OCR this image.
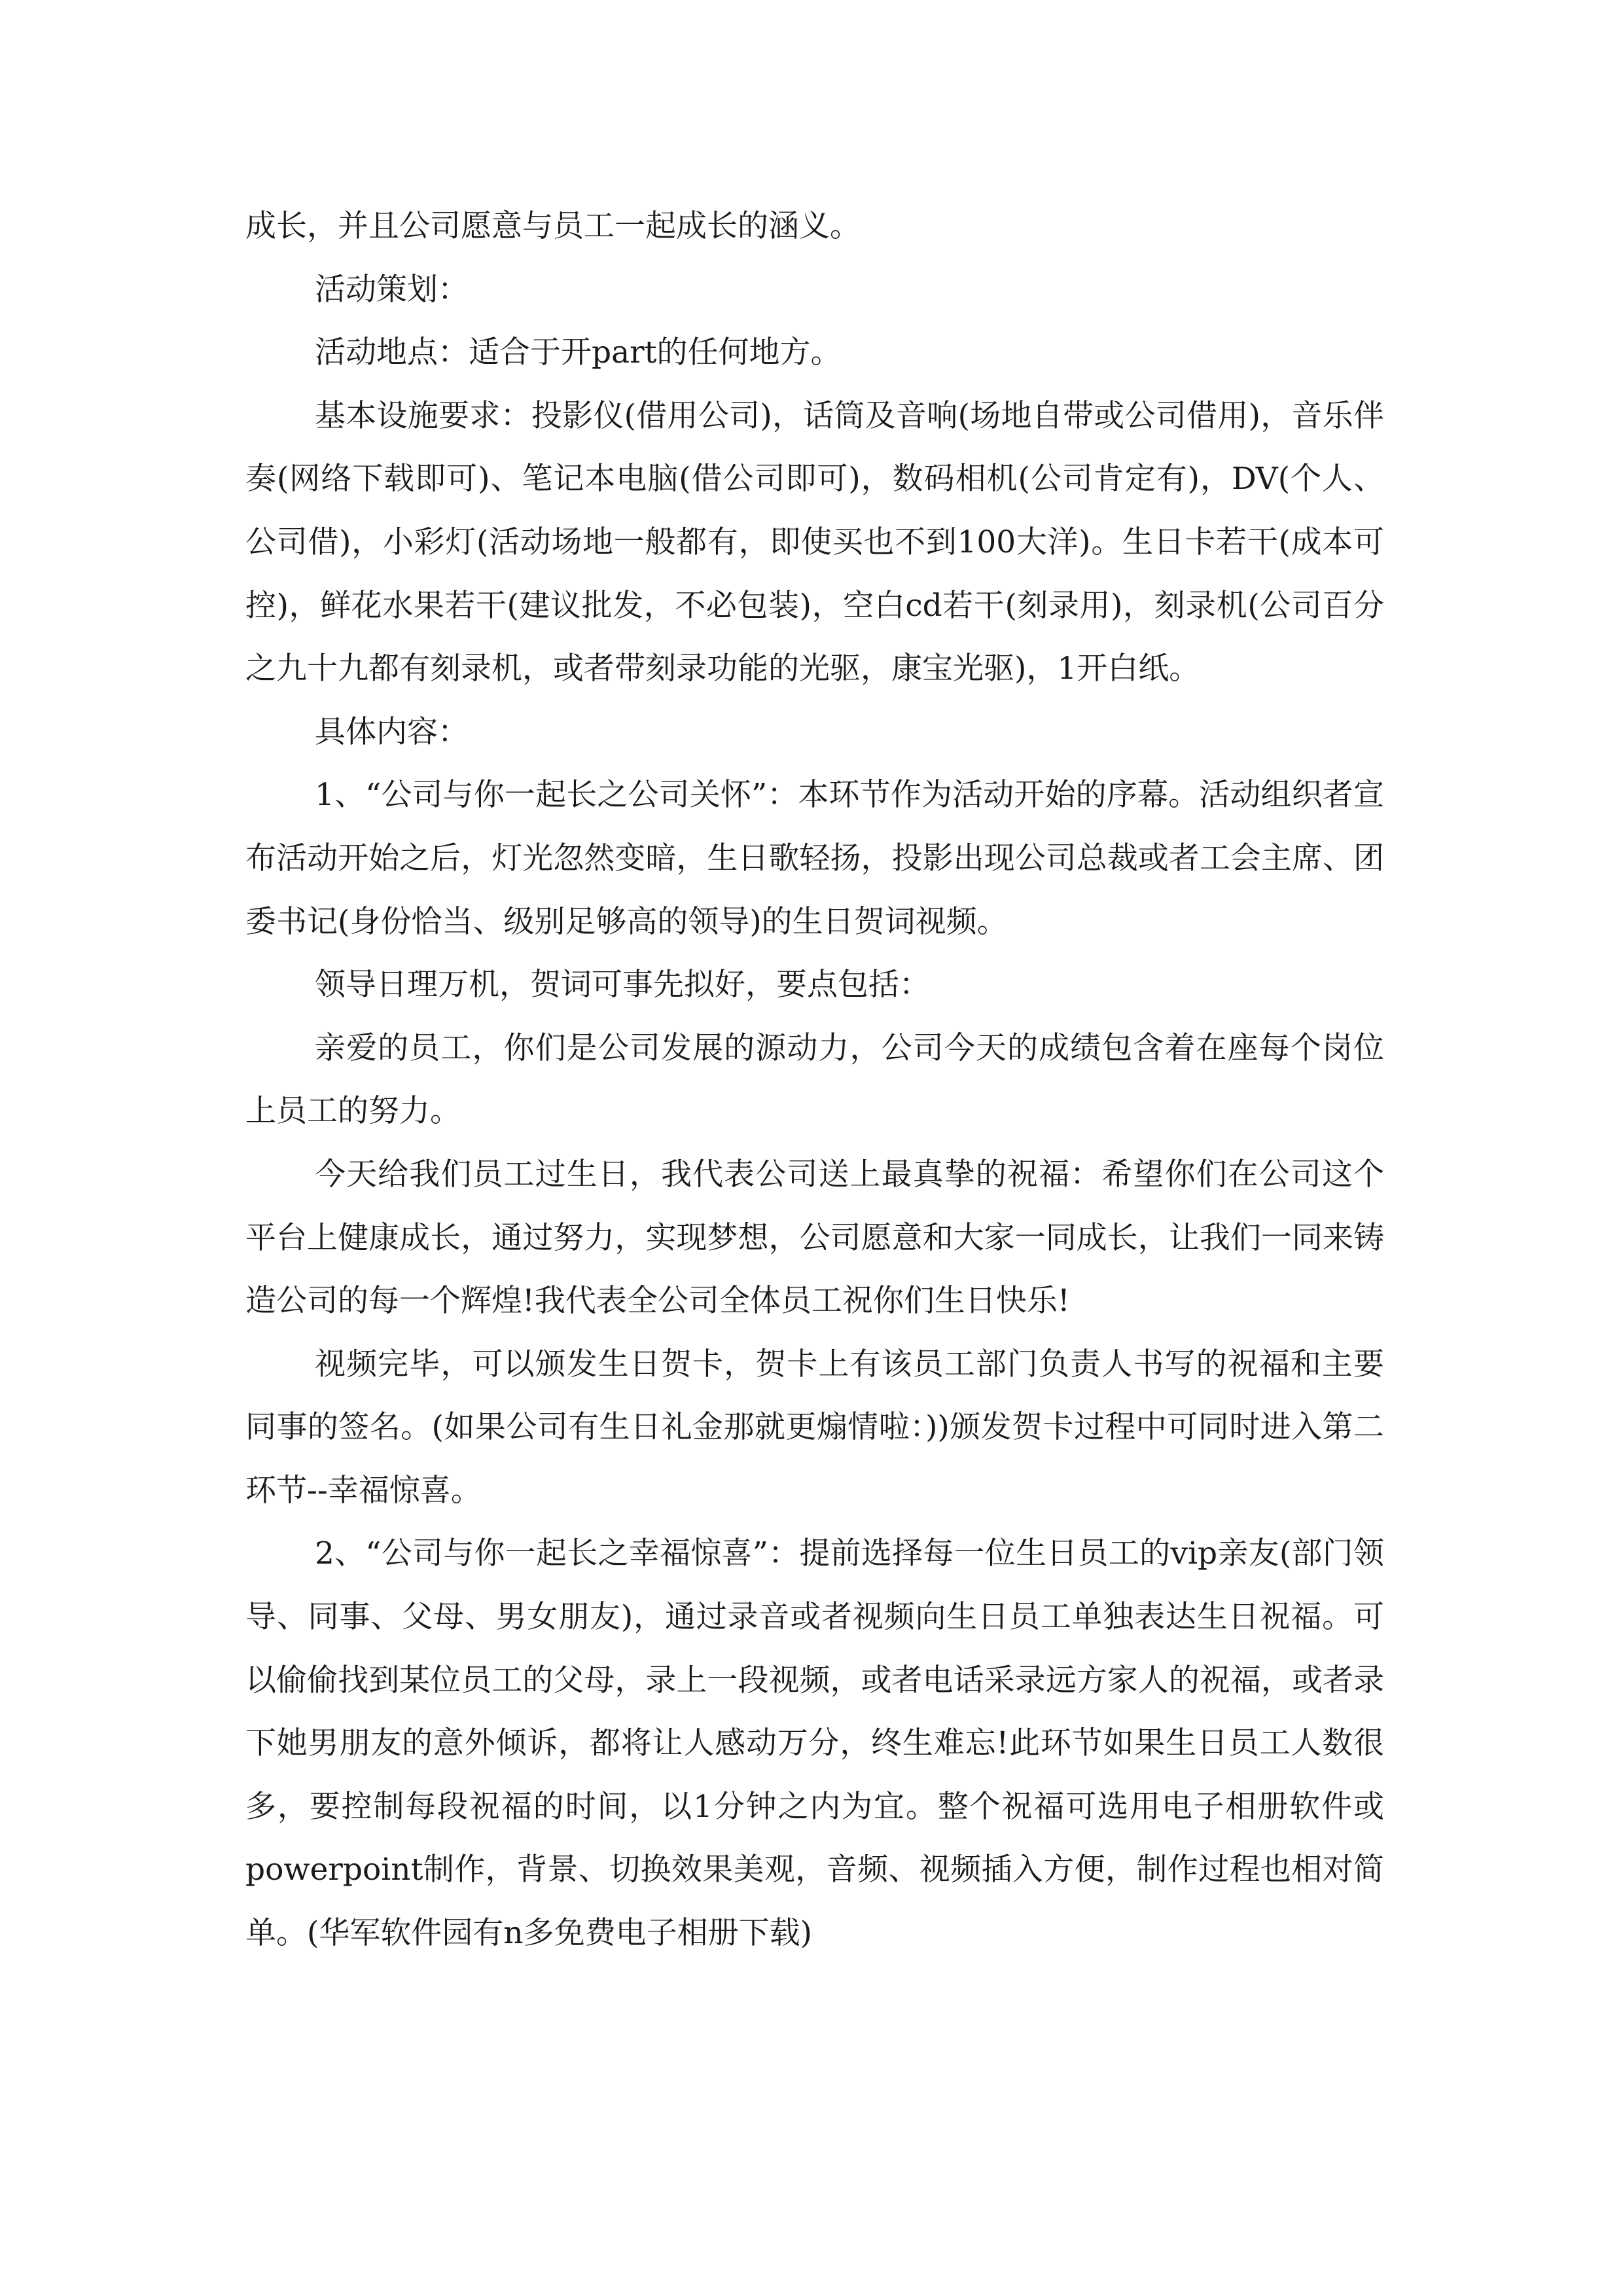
成长，并且公司愿意与员工一起成长的涵义。

活动策划：

活动地点：适合于开part的任何地方。

基本设施要求：投影仪(借用公司)，话筒及音响(场地自带或公司借用)，音乐伴奏(网络下载即可)、笔记本电脑(借公司即可)，数码相机(公司肯定有)，DV(个人、公司借)，小彩灯(活动场地一般都有，即使买也不到100大洋)。生日卡若干(成本可控)，鲜花水果若干(建议批发，不必包装)，空白cd若干(刻录用)，刻录机(公司百分之九十九都有刻录机，或者带刻录功能的光驱，康宝光驱)，1开白纸。

具体内容：

1、“公司与你一起长之公司关怀”：本环节作为活动开始的序幕。活动组织者宣布活动开始之后，灯光忽然变暗，生日歌轻扬，投影出现公司总裁或者工会主席、团委书记(身份恰当、级别足够高的领导)的生日贺词视频。

领导日理万机，贺词可事先拟好，要点包括：

亲爱的员工，你们是公司发展的源动力，公司今天的成绩包含着在座每个岗位上员工的努力。

今天给我们员工过生日，我代表公司送上最真挚的祝福：希望你们在公司这个平台上健康成长，通过努力，实现梦想，公司愿意和大家一同成长，让我们一同来铸造公司的每一个辉煌!我代表全公司全体员工祝你们生日快乐!

视频完毕，可以颁发生日贺卡，贺卡上有该员工部门负责人书写的祝福和主要同事的签名。(如果公司有生日礼金那就更煽情啦：))颁发贺卡过程中可同时进入第二环节--幸福惊喜。

2、“公司与你一起长之幸福惊喜”：提前选择每一位生日员工的vip亲友(部门领导、同事、父母、男女朋友)，通过录音或者视频向生日员工单独表达生日祝福。可以偷偷找到某位员工的父母，录上一段视频，或者电话采录远方家人的祝福，或者录下她男朋友的意外倾诉，都将让人感动万分，终生难忘!此环节如果生日员工人数很多，要控制每段祝福的时间，以1分钟之内为宜。整个祝福可选用电子相册软件或powerpoint制作，背景、切换效果美观，音频、视频插入方便，制作过程也相对简单。(华军软件园有n多免费电子相册下载)
